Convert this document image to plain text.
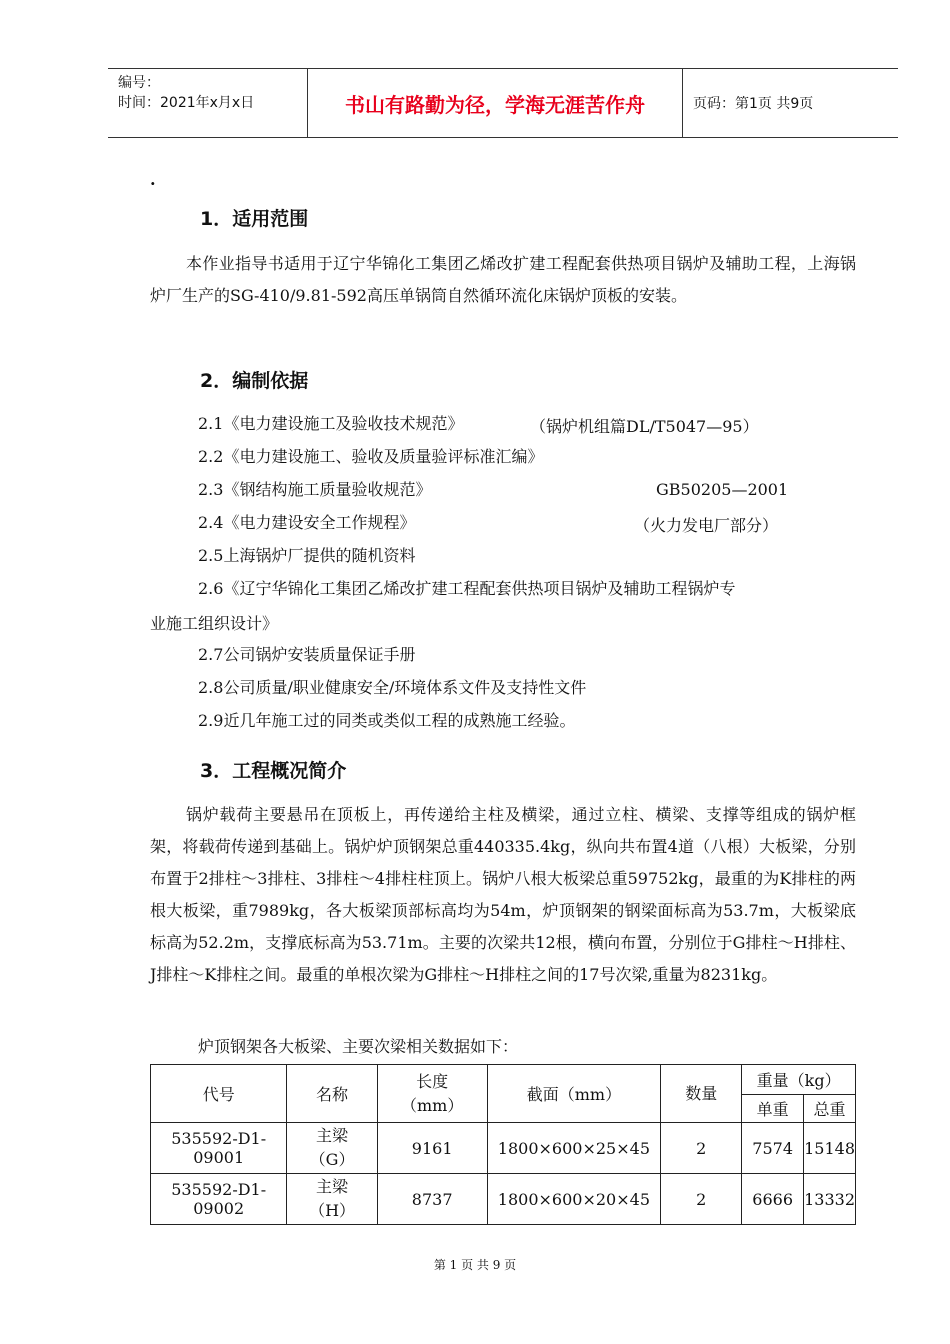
编号：
时间：2021年x月x日	书山有路勤为径，学海无涯苦作舟	页码：第1页 共9页
.
1．适用范围
本作业指导书适用于辽宁华锦化工集团乙烯改扩建工程配套供热项目锅炉及辅助工程，上海锅炉厂生产的SG-410/9.81-592高压单锅筒自然循环流化床锅炉顶板的安装。
2．编制依据
2.1《电力建设施工及验收技术规范》	（锅炉机组篇DL/T5047—95）
2.2《电力建设施工、验收及质量验评标准汇编》
2.3《钢结构施工质量验收规范》	GB50205—2001
2.4《电力建设安全工作规程》	（火力发电厂部分）
2.5上海锅炉厂提供的随机资料
2.6《辽宁华锦化工集团乙烯改扩建工程配套供热项目锅炉及辅助工程锅炉专
业施工组织设计》
2.7公司锅炉安装质量保证手册
2.8公司质量/职业健康安全/环境体系文件及支持性文件
2.9近几年施工过的同类或类似工程的成熟施工经验。
3．工程概况简介
锅炉载荷主要悬吊在顶板上，再传递给主柱及横梁，通过立柱、横梁、支撑等组成的锅炉框架，将载荷传递到基础上。锅炉炉顶钢架总重440335.4kg，纵向共布置4道（八根）大板梁，分别布置于2排柱～3排柱、3排柱～4排柱柱顶上。锅炉八根大板梁总重59752kg，最重的为K排柱的两根大板梁，重7989kg，各大板梁顶部标高均为54m，炉顶钢架的钢梁面标高为53.7m，大板梁底标高为52.2m，支撑底标高为53.71m。主要的次梁共12根，横向布置，分别位于G排柱～H排柱、J排柱～K排柱之间。最重的单根次梁为G排柱～H排柱之间的17号次梁,重量为8231kg。
炉顶钢架各大板梁、主要次梁相关数据如下：
代号	名称	长度（mm）	截面（mm）	数量	重量（kg）	
					单重	总重
535592-D1-09001	主梁（G）	9161	1800×600×25×45	2	7574	15148
535592-D1-09002	主梁（H）	8737	1800×600×20×45	2	6666	13332
第 1 页 共 9 页
